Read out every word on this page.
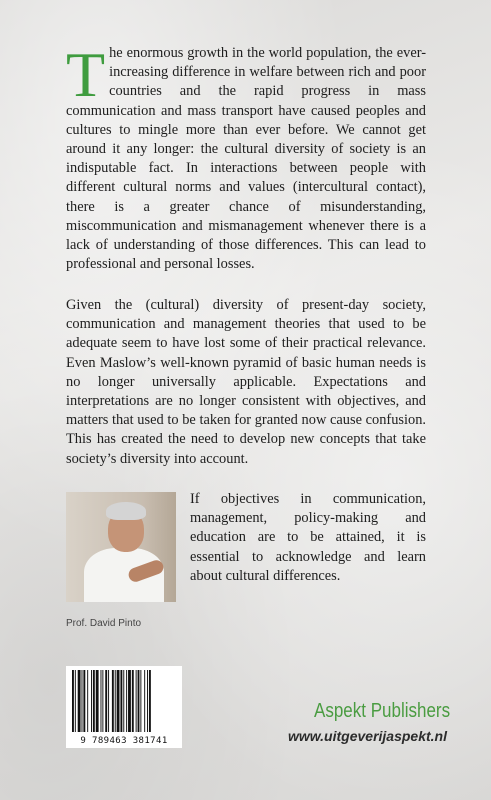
The enormous growth in the world population, the ever-increasing difference in welfare between rich and poor countries and the rapid progress in mass communication and mass transport have caused peoples and cultures to mingle more than ever before. We cannot get around it any longer: the cultural diversity of society is an indisputable fact. In interactions between people with different cultural norms and values (intercultural contact), there is a greater chance of misunderstanding, miscommunication and mismanagement whenever there is a lack of understanding of those differences. This can lead to professional and personal losses.
Given the (cultural) diversity of present-day society, communication and management theories that used to be adequate seem to have lost some of their practical relevance. Even Maslow’s well-known pyramid of basic human needs is no longer universally applicable. Expectations and interpretations are no longer consistent with objectives, and matters that used to be taken for granted now cause confusion. This has created the need to develop new concepts that take society’s diversity into account.
Prof. David Pinto
If objectives in communication, management, policy-making and education are to be attained, it is essential to acknowledge and learn about cultural differences.
9 789463 381741
Aspekt Publishers
www.uitgeverijaspekt.nl
